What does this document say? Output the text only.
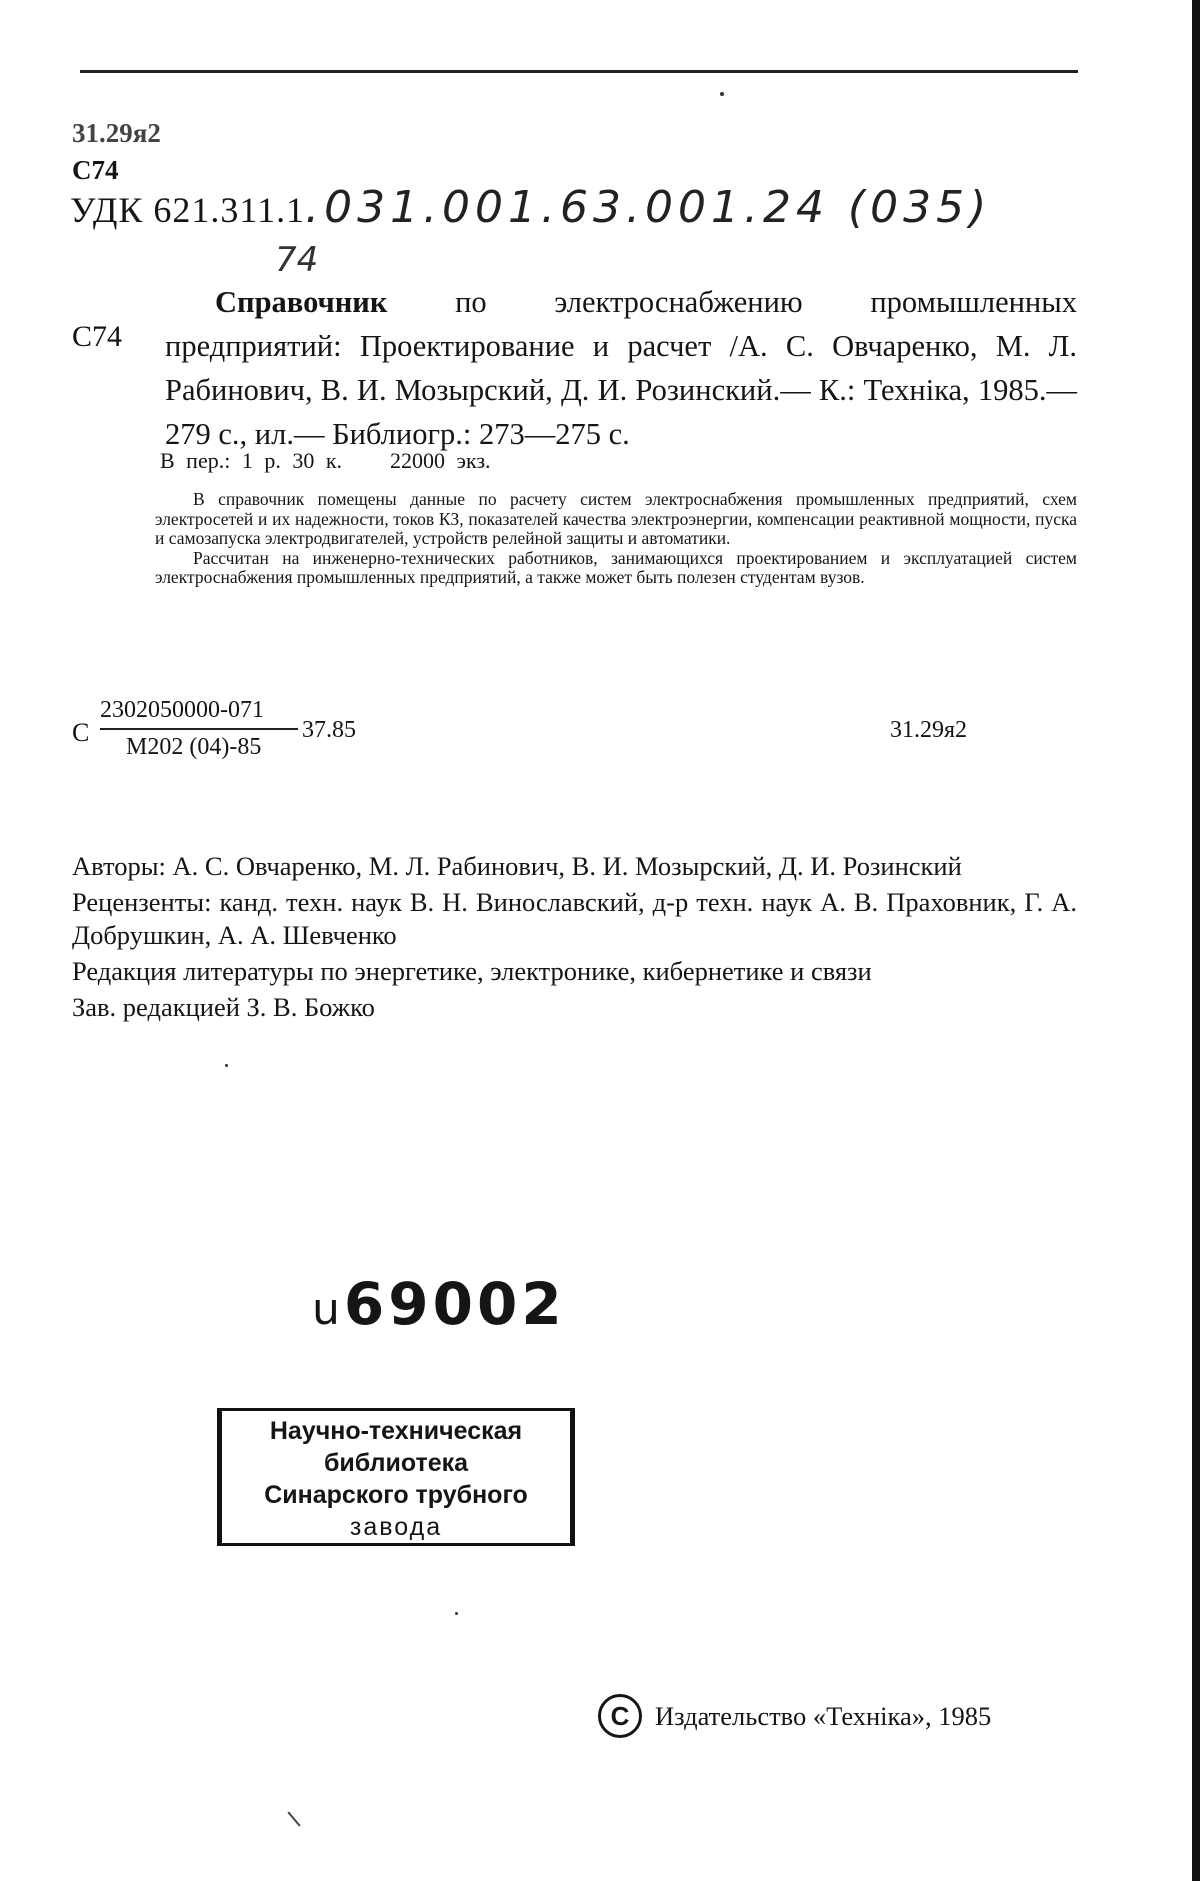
31.29я2
С74
УДК 621.311.1.031.001.63.001.24 (035)
74
С74
Справочник по электроснабжению промышленных предприятий: Проектирование и расчет /А. С. Овчаренко, М. Л. Рабинович, В. И. Мозырский, Д. И. Розинский.— К.: Техніка, 1985.— 279 с., ил.— Библиогр.: 273—275 с.
В пер.: 1 р. 30 к. 22000 экз.

В справочник помещены данные по расчету систем электроснабжения промышленных предприятий, схем электросетей и их надежности, токов КЗ, показателей качества электроэнергии, компенсации реактивной мощности, пуска и самозапуска электродвигателей, устройств релейной защиты и автоматики.

Рассчитан на инженерно-технических работников, занимающихся проектированием и эксплуатацией систем электроснабжения промышленных предприятий, а также может быть полезен студентам вузов.

С
2302050000-071
М202 (04)-85
37.85	31.29я2

Авторы: А. С. Овчаренко, М. Л. Рабинович, В. И. Мозырский, Д. И. Розинский

Рецензенты: канд. техн. наук В. Н. Винославский, д-р техн. наук А. В. Праховник, Г. А. Добрушкин, А. А. Шевченко

Редакция литературы по энергетике, электронике, кибернетике и связи

Зав. редакцией З. В. Божко

u69002
Научно-техническая
библиотека
Синарского трубного
завода
C Издательство «Техніка», 1985
